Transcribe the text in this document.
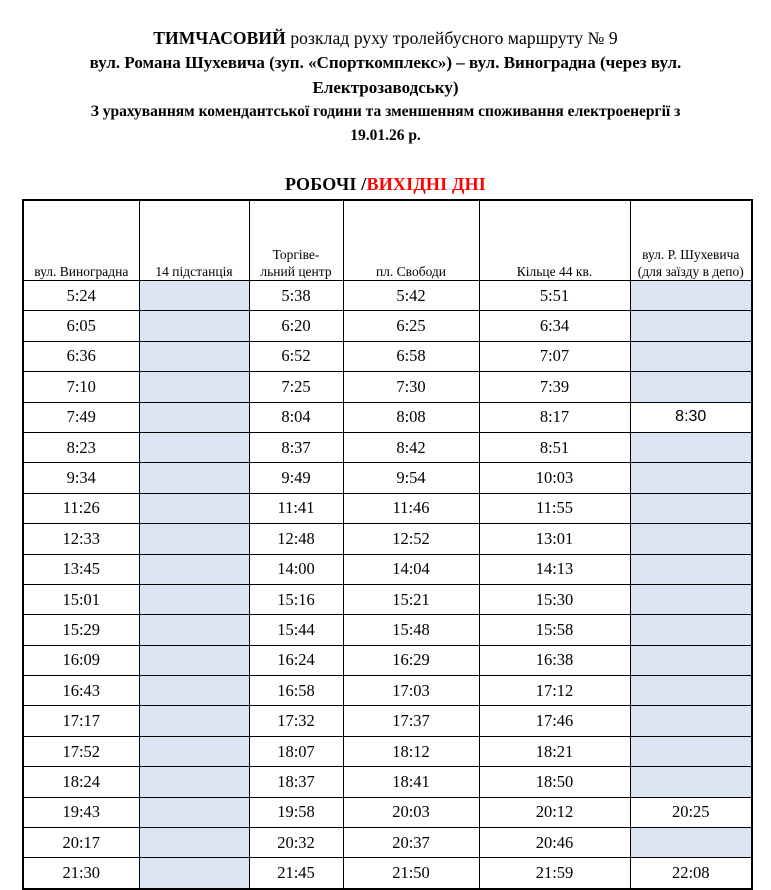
ТИМЧАСОВИЙ розклад руху тролейбусного маршруту № 9
вул. Романа Шухевича (зуп. «Спорткомплекс») – вул. Виноградна (через вул. Електрозаводську)
З урахуванням комендантської години та зменшенням споживання електроенергії з
19.01.26 р.
РОБОЧІ /ВИХІДНІ ДНІ
вул. Виноградна	14 підстанція	Торгіве-
льний центр	пл. Свободи	Кільце 44 кв.	вул. Р. Шухевича
(для заїзду в депо)

5:24		5:38	5:42	5:51	
6:05		6:20	6:25	6:34	
6:36		6:52	6:58	7:07	
7:10		7:25	7:30	7:39	
7:49		8:04	8:08	8:17	8:30
8:23		8:37	8:42	8:51	
9:34		9:49	9:54	10:03	
11:26		11:41	11:46	11:55	
12:33		12:48	12:52	13:01	
13:45		14:00	14:04	14:13	
15:01		15:16	15:21	15:30	
15:29		15:44	15:48	15:58	
16:09		16:24	16:29	16:38	
16:43		16:58	17:03	17:12	
17:17		17:32	17:37	17:46	
17:52		18:07	18:12	18:21	
18:24		18:37	18:41	18:50	
19:43		19:58	20:03	20:12	20:25
20:17		20:32	20:37	20:46	
21:30		21:45	21:50	21:59	22:08
